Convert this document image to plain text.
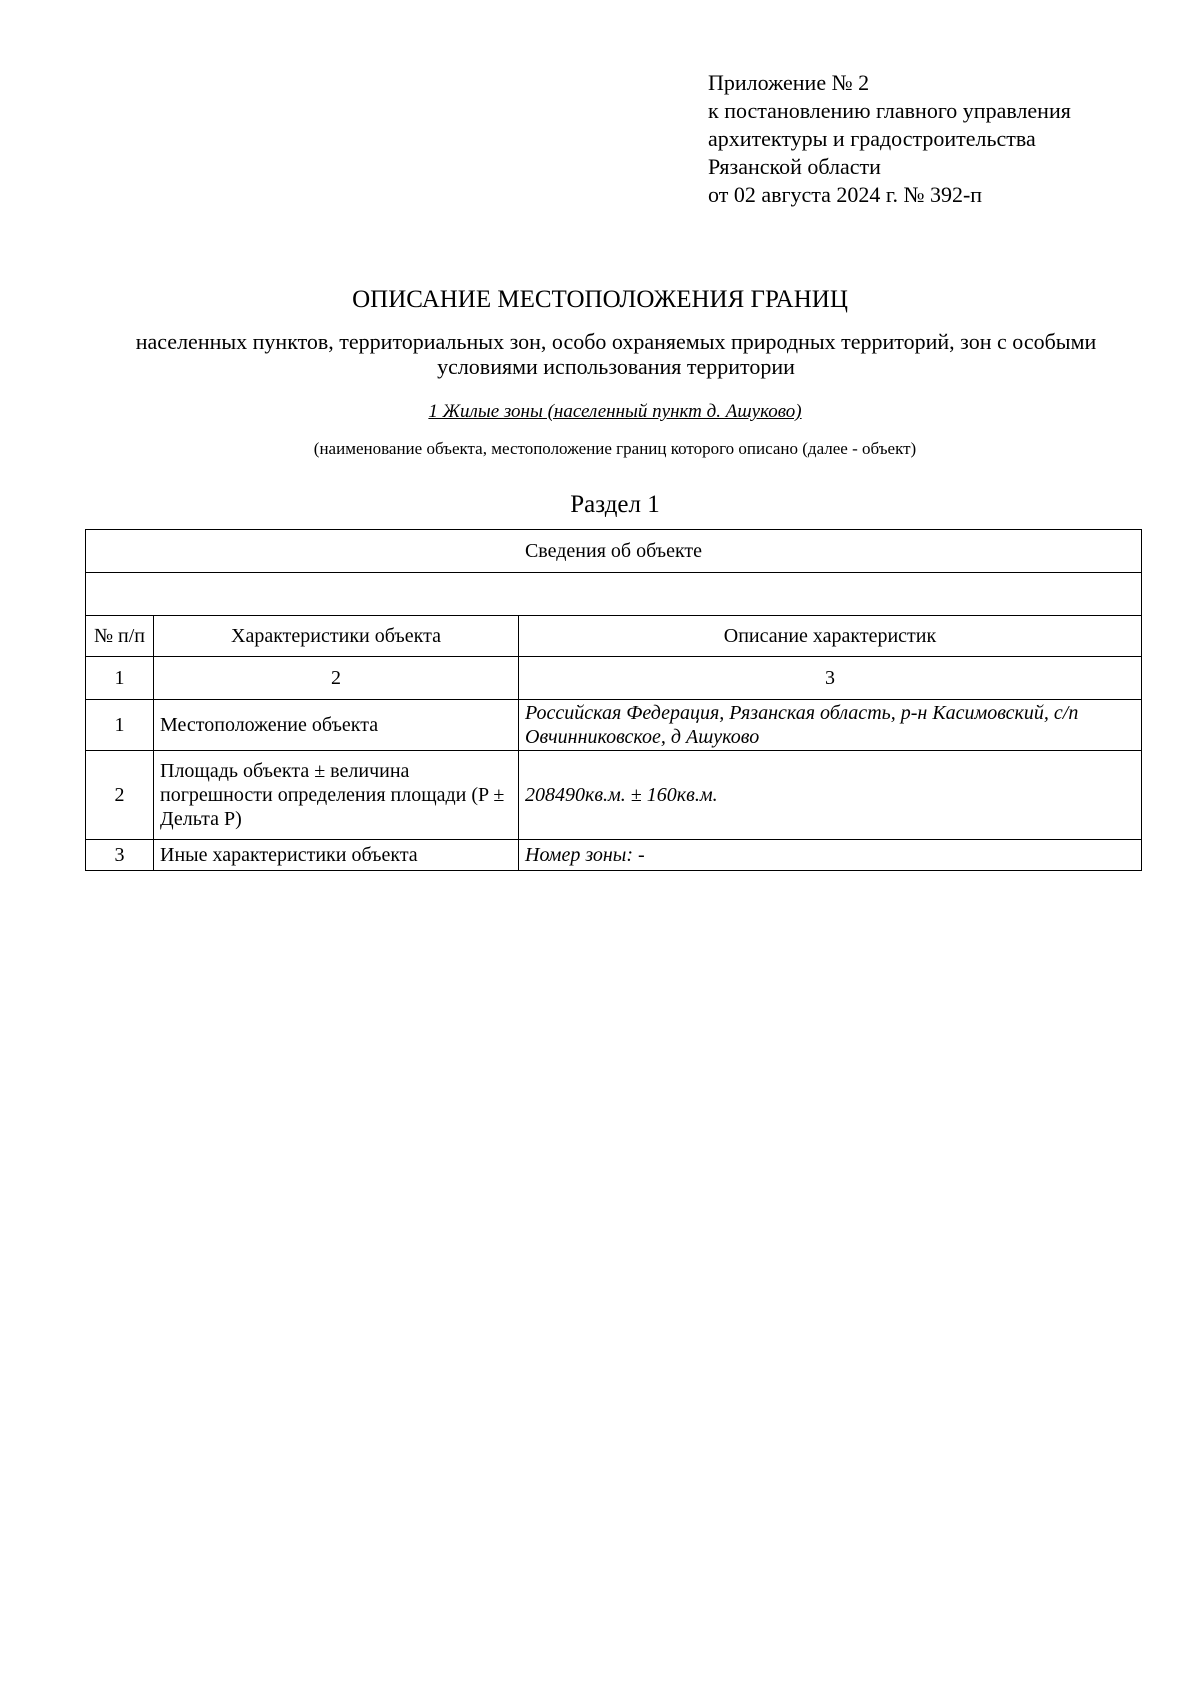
Приложение № 2
к постановлению главного управления
архитектуры и градостроительства
Рязанской области
от 02 августа 2024 г. № 392-п
ОПИСАНИЕ МЕСТОПОЛОЖЕНИЯ ГРАНИЦ
населенных пунктов, территориальных зон, особо охраняемых природных территорий, зон с особыми условиями использования территории
1 Жилые зоны (населенный пункт д. Ашуково)
(наименование объекта, местоположение границ которого описано (далее - объект)
Раздел 1
Сведения об объекте		

№ п/п	Характеристики объекта	Описание характеристик
1	2	3
1	Местоположение объекта	Российская Федерация, Рязанская область, р-н Касимовский, с/п Овчинниковское, д Ашуково
2	Площадь объекта ± величина погрешности определения площади (P ± Дельта P)	208490кв.м. ± 160кв.м.
3	Иные характеристики объекта	Номер зоны: -
